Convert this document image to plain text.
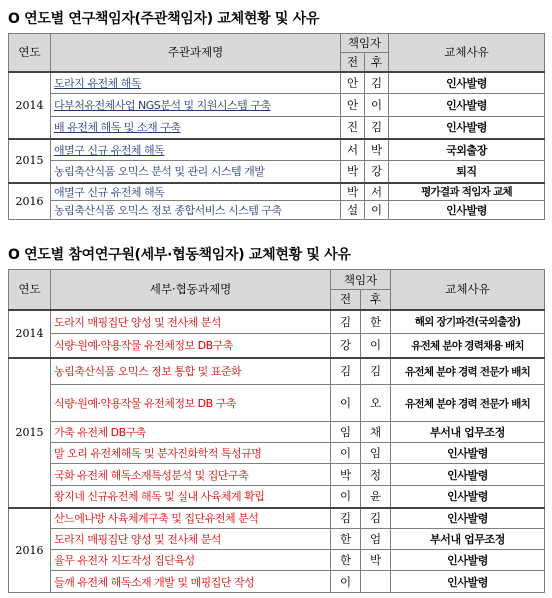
O 연도별 연구책임자(주관책임자) 교체현황 및 사유
연도	주관과제명	책임자		교체사유
		전	후	
2014	도라지 유전체 해독	안	김	인사발령
	다부처유전체사업 NGS분석 및 지원시스템 구축	안	이	인사발령
	배 유전체 해독 및 소재 구축	진	김	인사발령
2015	애멸구 신규 유전체 해독	서	박	국외출장
	농림축산식품 오믹스 분석 및 관리 시스템 개발	박	강	퇴직
2016	애멸구 신규 유전체 해독	박	서	평가결과 적임자 교체
	농림축산식품 오믹스 정보 종합서비스 시스템 구축	설	이	인사발령
O 연도별 참여연구원(세부·협동책임자) 교체현황 및 사유
연도	세부·협동과제명	책임자		교체사유
		전	후	
2014	도라지 매핑집단 양성 및 전사체 분석	김	한	해외 장기파견(국외출장)
	식량·원예·약용작물 유전체정보 DB구축	강	이	유전체 분야 경력채용 배치
2015	농림축산식품 오믹스 정보 통합 및 표준화	김	김	유전체 분야 경력 전문가 배치
	식량·원예·약용작물 유전체정보 DB 구축	이	오	유전체 분야 경력 전문가 배치
	가축 유전체 DB구축	임	채	부서내 업무조정
	말 오리 유전체해독 및 분자진화학적 특성규명	이	임	인사발령
	국화 유전체 해독소재특성분석 및 집단구축	박	정	인사발령
	왕지네 신규유전체 해독 및 실내 사육체계 확립	이	윤	인사발령
2016	산느에나방 사육체계구축 및 집단유전체 분석	김	김	인사발령
	도라지 매핑집단 양성 및 전사체 분석	한	엄	부서내 업무조정
	율무 유전자 지도작성 집단육성	한	박	인사발령
	들깨 유전체 해독소재 개발 및 매핑집단 작성	이		인사발령
